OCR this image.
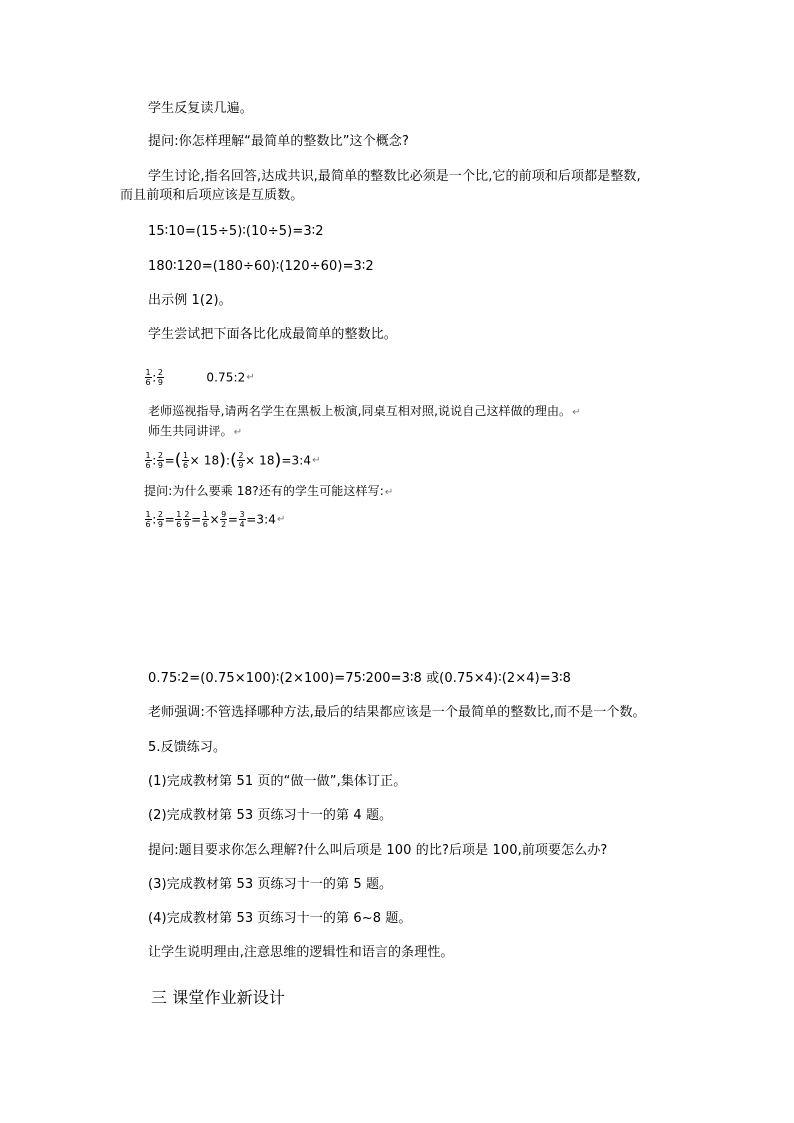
学生反复读几遍。
提问:你怎样理解“最简单的整数比”这个概念?
学生讨论,指名回答,达成共识,最简单的整数比必须是一个比,它的前项和后项都是整数,
而且前项和后项应该是互质数。
15∶10=(15÷5)∶(10÷5)=3∶2
180∶120=(180÷60)∶(120÷60)=3∶2
出示例 1(2)。
学生尝试把下面各比化成最简单的整数比。
$\frac{1}{6}$ : $\frac{2}{9}$	0.75:2↵
老师巡视指导,请两名学生在黑板上板演,同桌互相对照,说说自己这样做的理由。↵
师生共同讲评。↵
$\frac{1}{6}$ : $\frac{2}{9}$ =( $\frac{1}{6}$ × 18):( $\frac{2}{9}$ × 18)=3:4↵
提问:为什么要乘 18?还有的学生可能这样写:↵
$\frac{1}{6}$ : $\frac{2}{9} = \frac{1}{6} \frac{2}{9} = \frac{1}{6} \times \frac{9}{2} = \frac{3}{4}$ =3:4↵
0.75∶2=(0.75×100)∶(2×100)=75∶200=3∶8 或(0.75×4)∶(2×4)=3∶8
老师强调:不管选择哪种方法,最后的结果都应该是一个最简单的整数比,而不是一个数。
5.反馈练习。
(1)完成教材第 51 页的“做一做”,集体订正。
(2)完成教材第 53 页练习十一的第 4 题。
提问:题目要求你怎么理解?什么叫后项是 100 的比?后项是 100,前项要怎么办?
(3)完成教材第 53 页练习十一的第 5 题。
(4)完成教材第 53 页练习十一的第 6~8 题。
让学生说明理由,注意思维的逻辑性和语言的条理性。
三 课堂作业新设计
